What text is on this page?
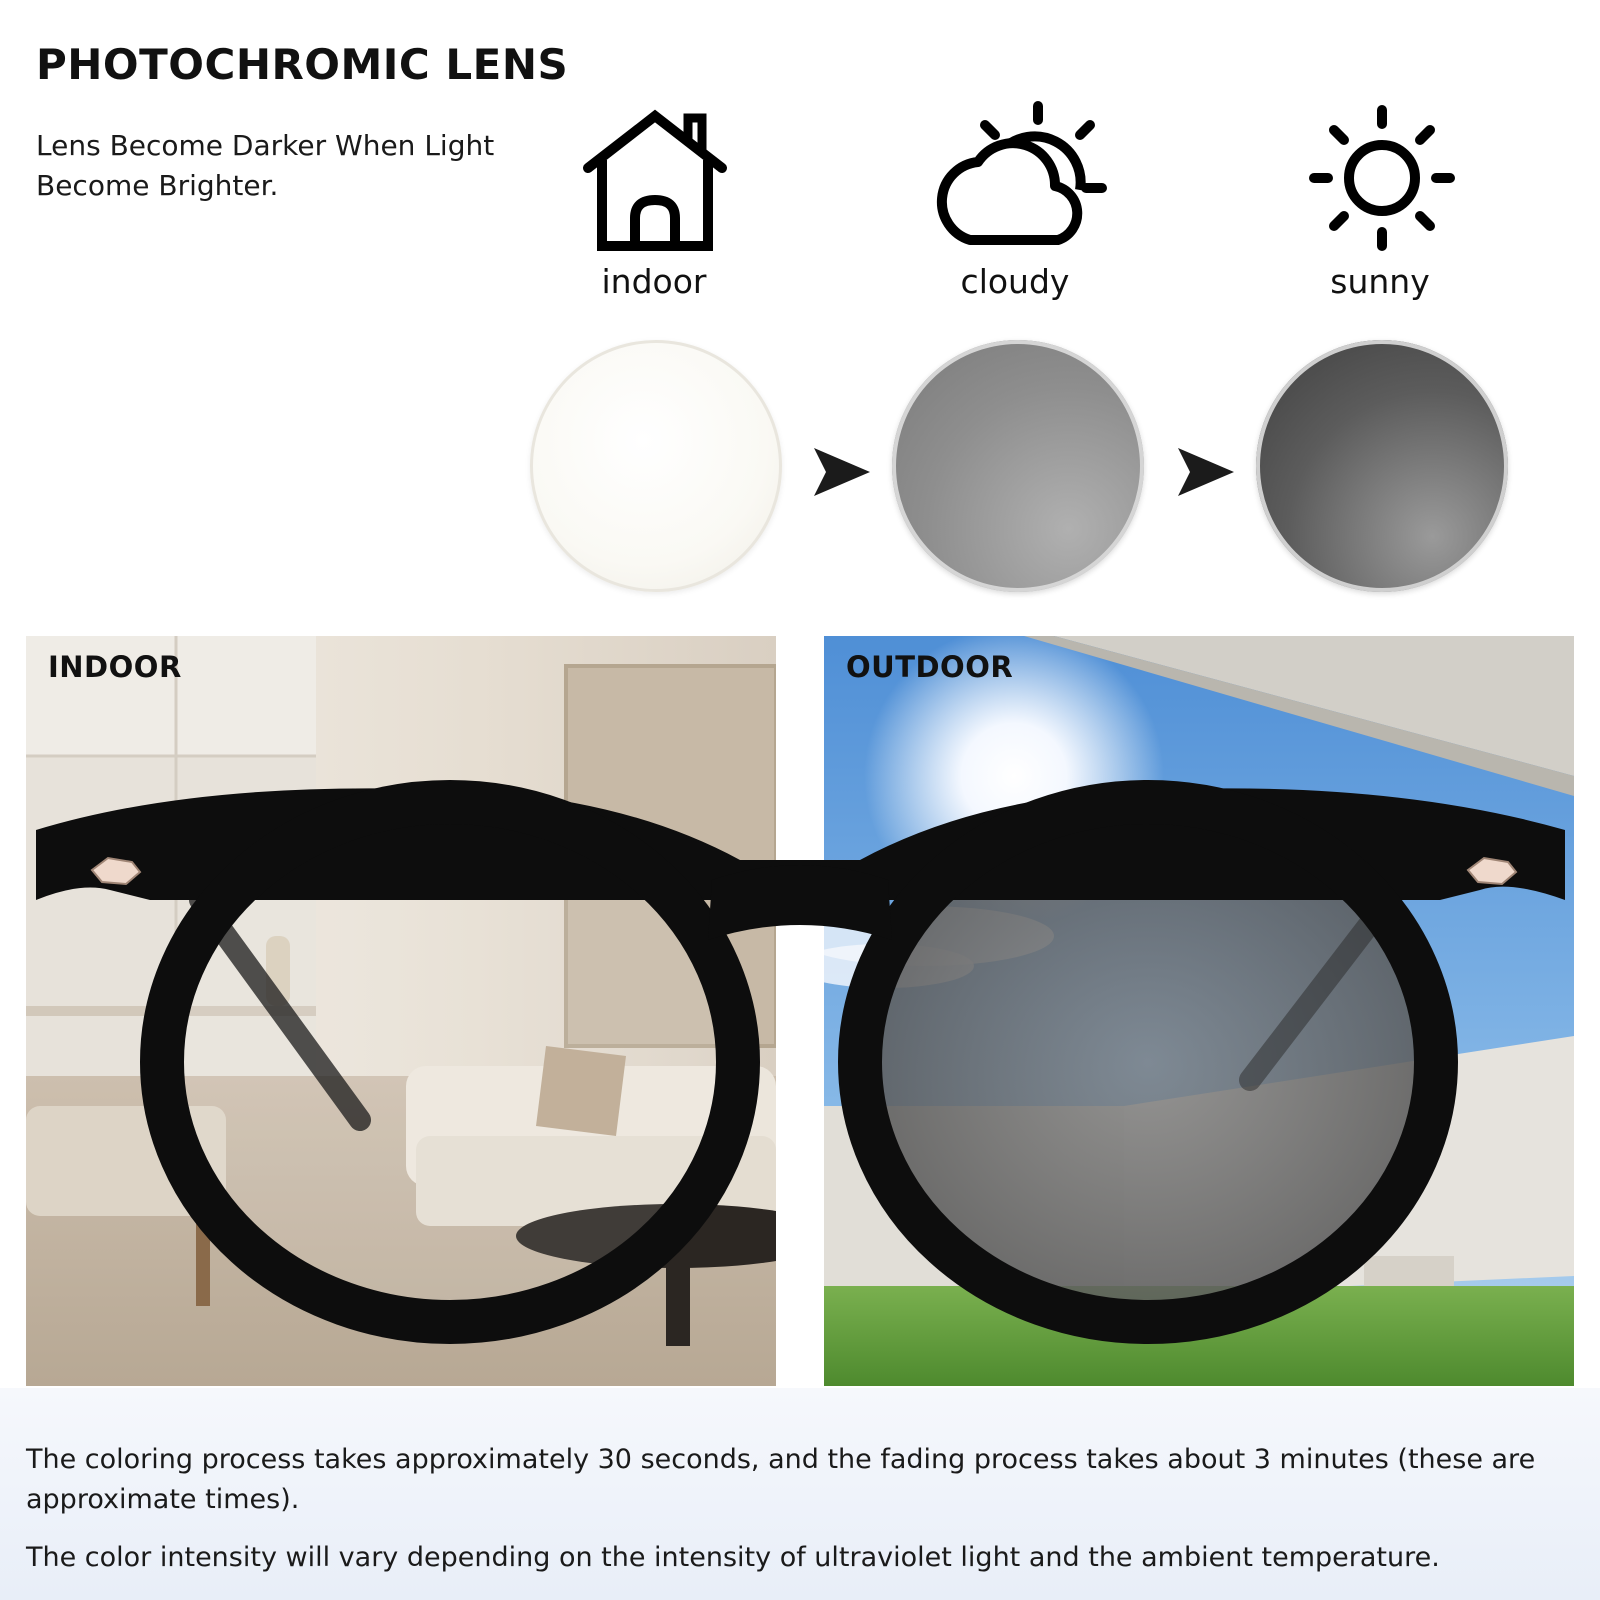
PHOTOCHROMIC LENS
Lens Become Darker When Light Become Brighter.
indoor	cloudy	sunny
INDOOR	OUTDOOR
The coloring process takes approximately 30 seconds, and the fading process takes about 3 minutes (these are approximate times).
The color intensity will vary depending on the intensity of ultraviolet light and the ambient temperature.
